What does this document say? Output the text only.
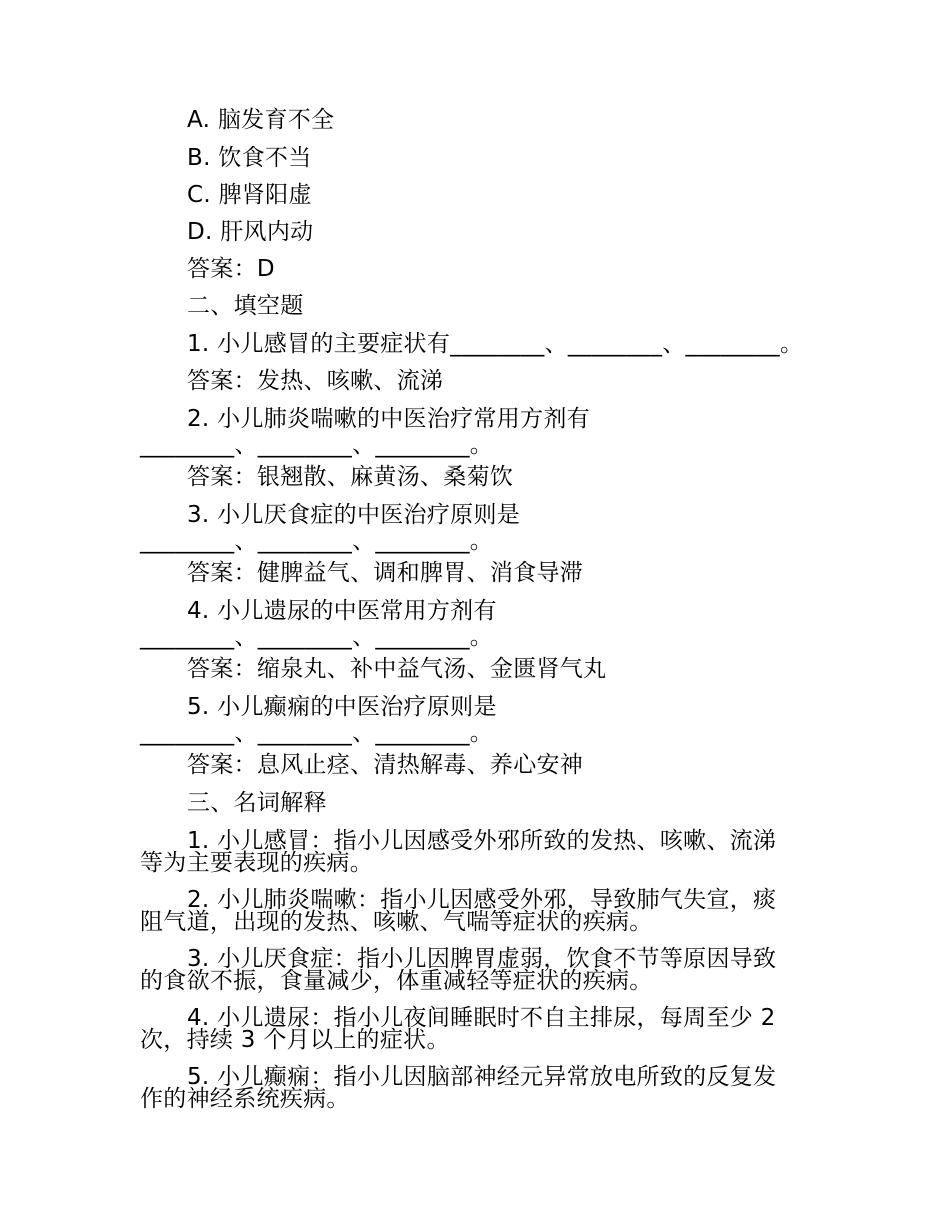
A. 脑发育不全
B. 饮食不当
C. 脾肾阳虚
D. 肝风内动
答案：D
二、填空题
1. 小儿感冒的主要症状有________、________、________。
答案：发热、咳嗽、流涕
2. 小儿肺炎喘嗽的中医治疗常用方剂有
________、________、________。
答案：银翘散、麻黄汤、桑菊饮
3. 小儿厌食症的中医治疗原则是
________、________、________。
答案：健脾益气、调和脾胃、消食导滞
4. 小儿遗尿的中医常用方剂有
________、________、________。
答案：缩泉丸、补中益气汤、金匮肾气丸
5. 小儿癫痫的中医治疗原则是
________、________、________。
答案：息风止痉、清热解毒、养心安神
三、名词解释
1. 小儿感冒：指小儿因感受外邪所致的发热、咳嗽、流涕
等为主要表现的疾病。
2. 小儿肺炎喘嗽：指小儿因感受外邪，导致肺气失宣，痰
阻气道，出现的发热、咳嗽、气喘等症状的疾病。
3. 小儿厌食症：指小儿因脾胃虚弱，饮食不节等原因导致
的食欲不振，食量减少，体重减轻等症状的疾病。
4. 小儿遗尿：指小儿夜间睡眠时不自主排尿，每周至少 2
次，持续 3 个月以上的症状。
5. 小儿癫痫：指小儿因脑部神经元异常放电所致的反复发
作的神经系统疾病。
